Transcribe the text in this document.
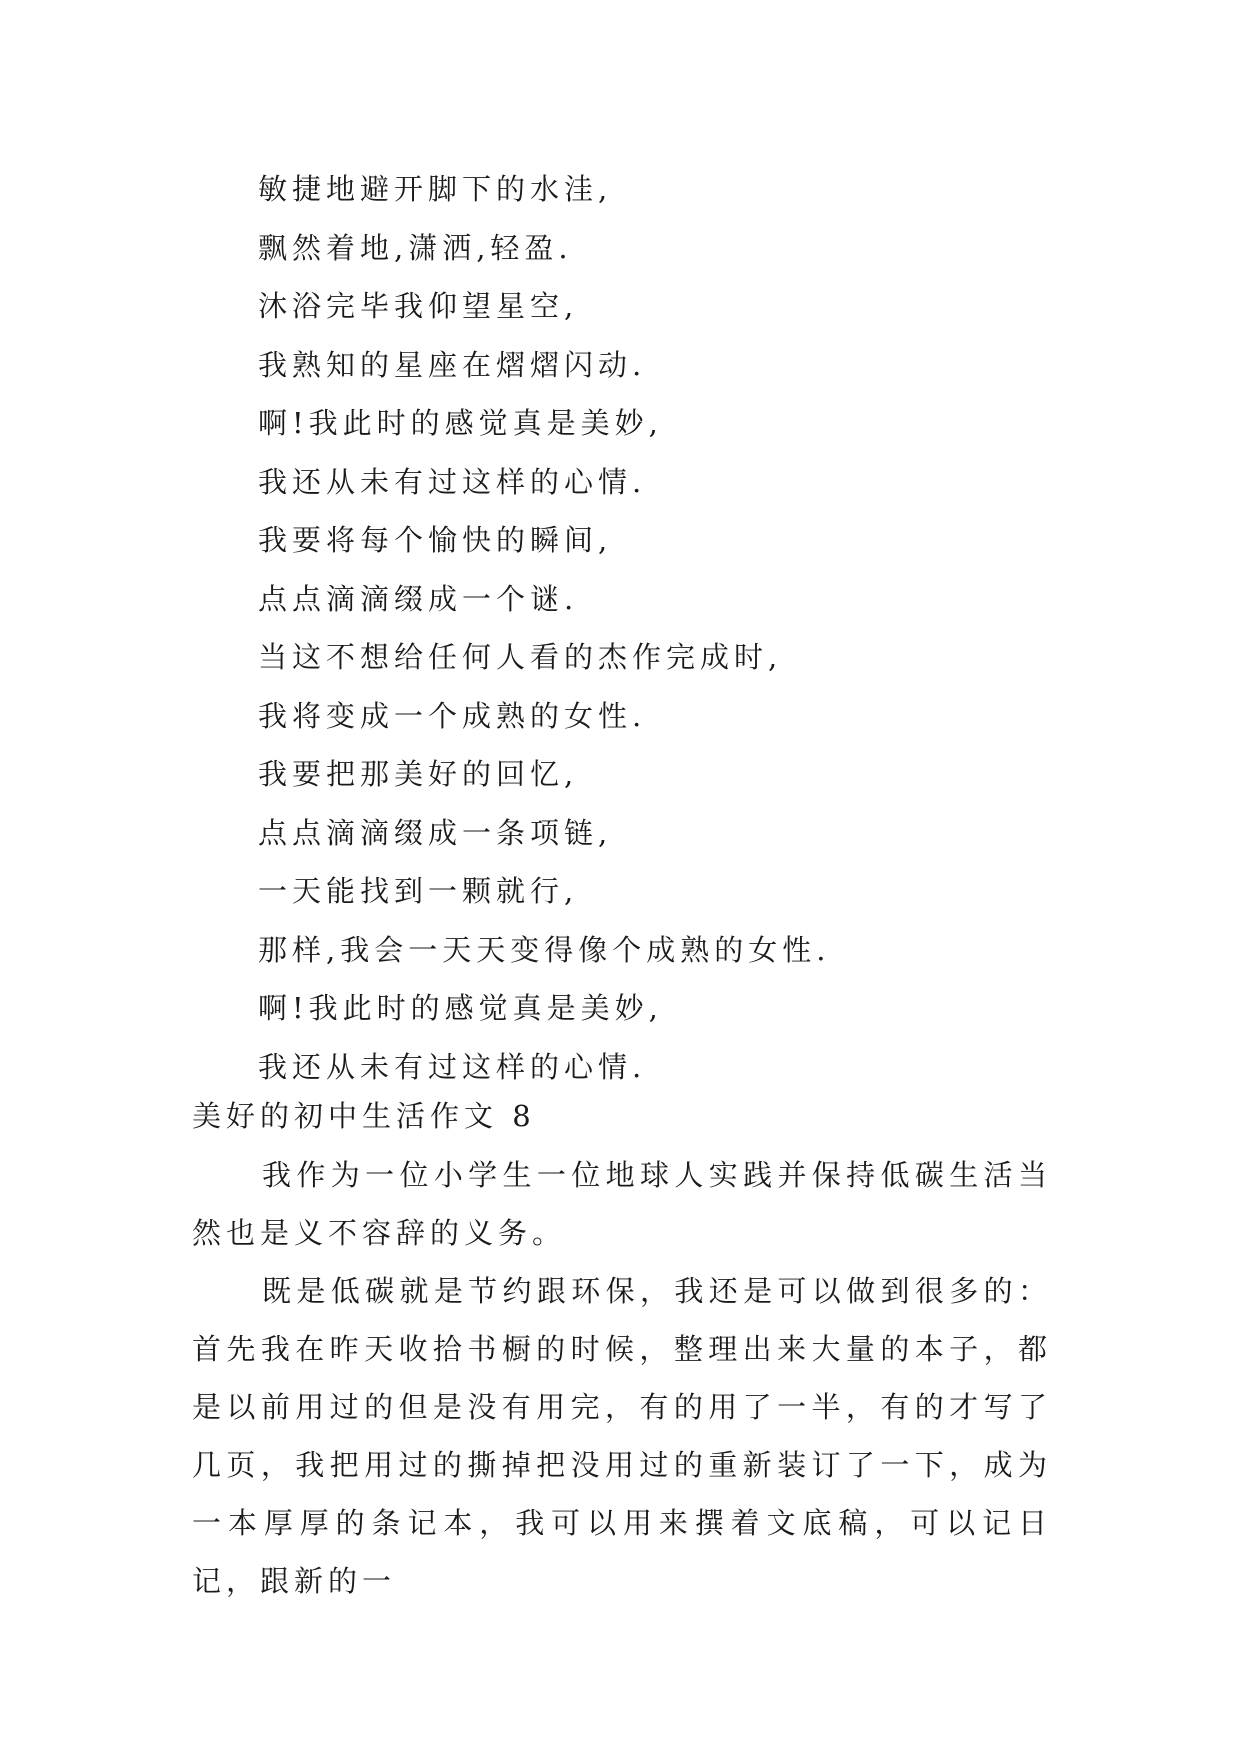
敏捷地避开脚下的水洼,
飘然着地,潇洒,轻盈.
沐浴完毕我仰望星空,
我熟知的星座在熠熠闪动.
啊!我此时的感觉真是美妙,
我还从未有过这样的心情.
我要将每个愉快的瞬间,
点点滴滴缀成一个谜.
当这不想给任何人看的杰作完成时,
我将变成一个成熟的女性.
我要把那美好的回忆,
点点滴滴缀成一条项链,
一天能找到一颗就行,
那样,我会一天天变得像个成熟的女性.
啊!我此时的感觉真是美妙,
我还从未有过这样的心情.
美好的初中生活作文 8

我作为一位小学生一位地球人实践并保持低碳生活当然也是义不容辞的义务。

既是低碳就是节约跟环保，我还是可以做到很多的：首先我在昨天收拾书橱的时候，整理出来大量的本子，都是以前用过的但是没有用完，有的用了一半，有的才写了几页，我把用过的撕掉把没用过的重新装订了一下，成为一本厚厚的条记本，我可以用来撰着文底稿，可以记日记，跟新的一
